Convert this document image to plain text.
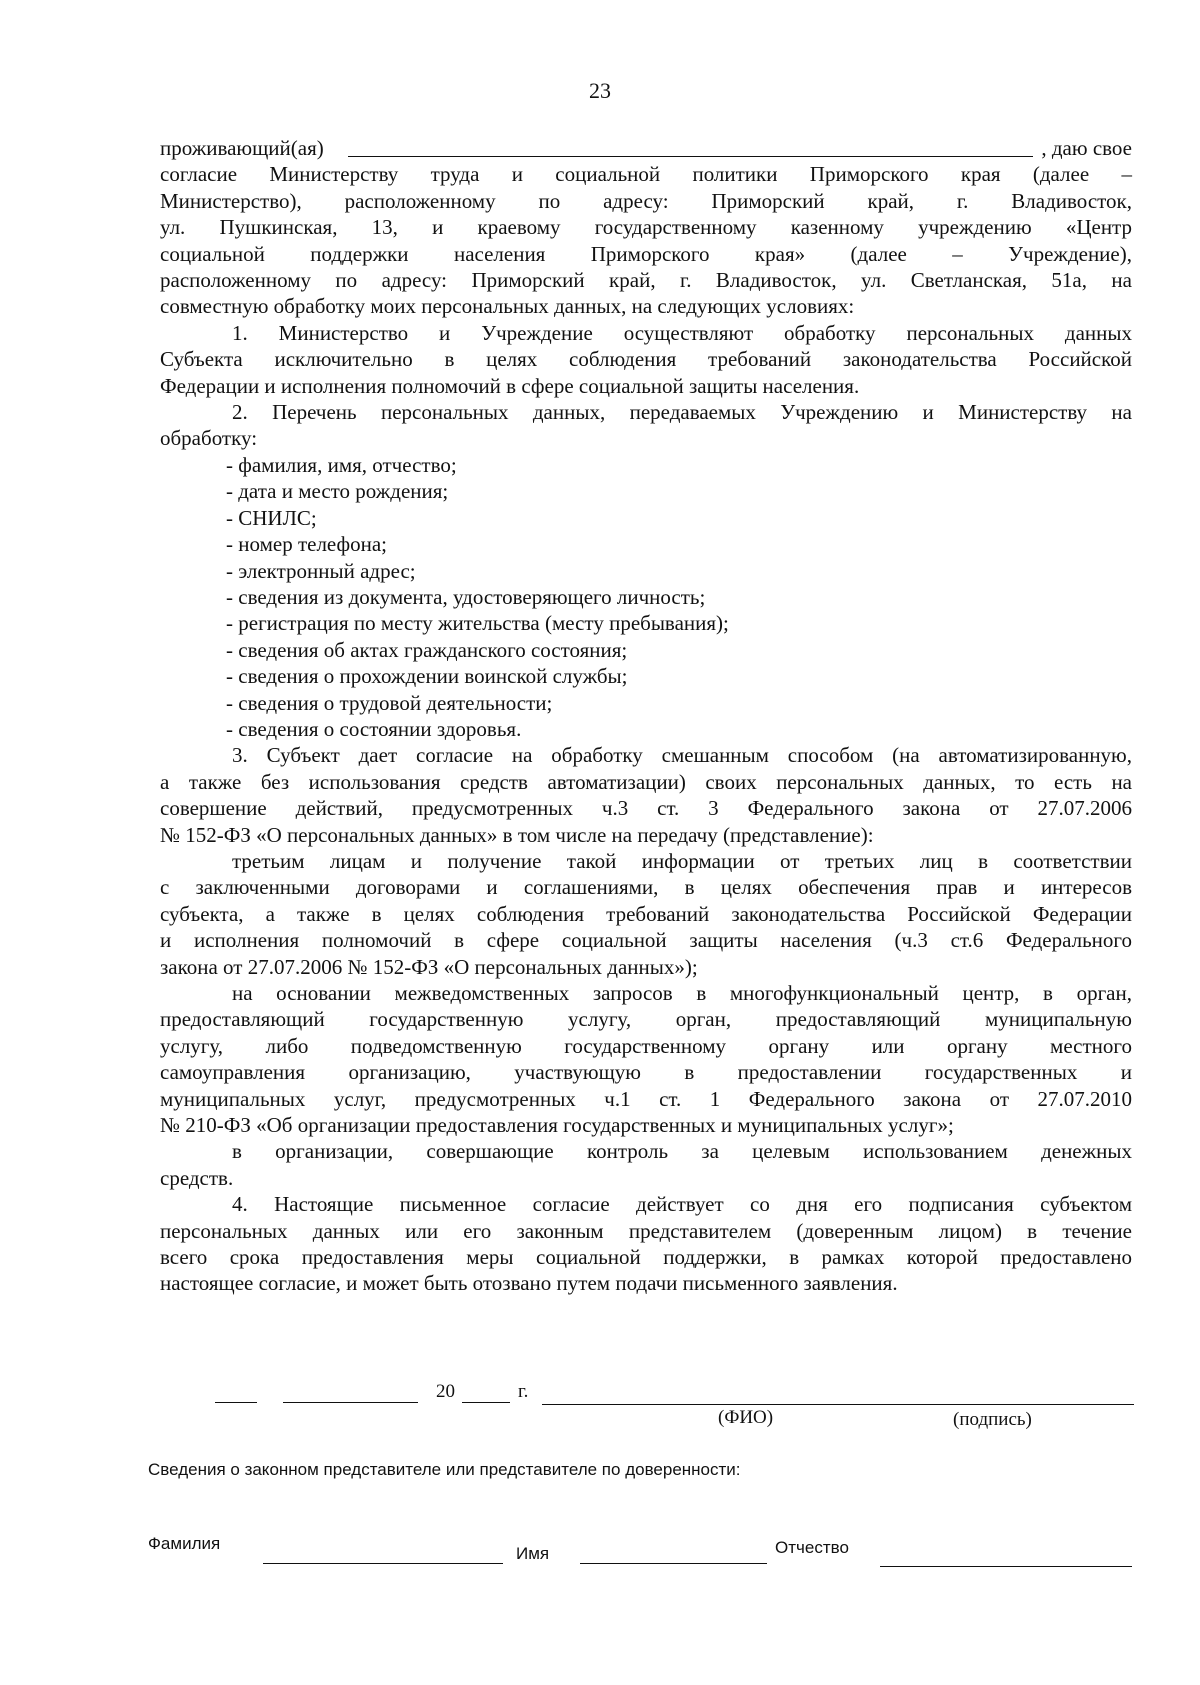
23

проживающий(ая)	, даю свое

согласие Министерству труда и социальной политики Приморского края (далее –

Министерство), расположенному по адресу: Приморский край, г. Владивосток,

ул. Пушкинская, 13, и краевому государственному казенному учреждению «Центр

социальной поддержки населения Приморского края» (далее – Учреждение),

расположенному по адресу: Приморский край, г. Владивосток, ул. Светланская, 51а, на

совместную обработку моих персональных данных, на следующих условиях:

1. Министерство и Учреждение осуществляют обработку персональных данных

Субъекта исключительно в целях соблюдения требований законодательства Российской

Федерации и исполнения полномочий в сфере социальной защиты населения.

2. Перечень персональных данных, передаваемых Учреждению и Министерству на

обработку:

- фамилия, имя, отчество;

- дата и место рождения;

- СНИЛС;

- номер телефона;

- электронный адрес;

- сведения из документа, удостоверяющего личность;

- регистрация по месту жительства (месту пребывания);

- сведения об актах гражданского состояния;

- сведения о прохождении воинской службы;

- сведения о трудовой деятельности;

- сведения о состоянии здоровья.

3. Субъект дает согласие на обработку смешанным способом (на автоматизированную,

а также без использования средств автоматизации) своих персональных данных, то есть на

совершение действий, предусмотренных ч.3 ст. 3 Федерального закона от 27.07.2006

№ 152-ФЗ «О персональных данных» в том числе на передачу (представление):

третьим лицам и получение такой информации от третьих лиц в соответствии

с заключенными договорами и соглашениями, в целях обеспечения прав и интересов

субъекта, а также в целях соблюдения требований законодательства Российской Федерации

и исполнения полномочий в сфере социальной защиты населения (ч.3 ст.6 Федерального

закона от 27.07.2006 № 152-ФЗ «О персональных данных»);

на основании межведомственных запросов в многофункциональный центр, в орган,

предоставляющий государственную услугу, орган, предоставляющий муниципальную

услугу, либо подведомственную государственному органу или органу местного

самоуправления организацию, участвующую в предоставлении государственных и

муниципальных услуг, предусмотренных ч.1 ст. 1 Федерального закона от 27.07.2010

№ 210-ФЗ «Об организации предоставления государственных и муниципальных услуг»;

в организации, совершающие контроль за целевым использованием денежных

средств.

4. Настоящие письменное согласие действует со дня его подписания субъектом

персональных данных или его законным представителем (доверенным лицом) в течение

всего срока предоставления меры социальной поддержки, в рамках которой предоставлено

настоящее согласие, и может быть отозвано путем подачи письменного заявления.

20	г.
(ФИО)	(подпись)
Сведения о законном представителе или представителе по доверенности:
Фамилия
Имя	Отчество
